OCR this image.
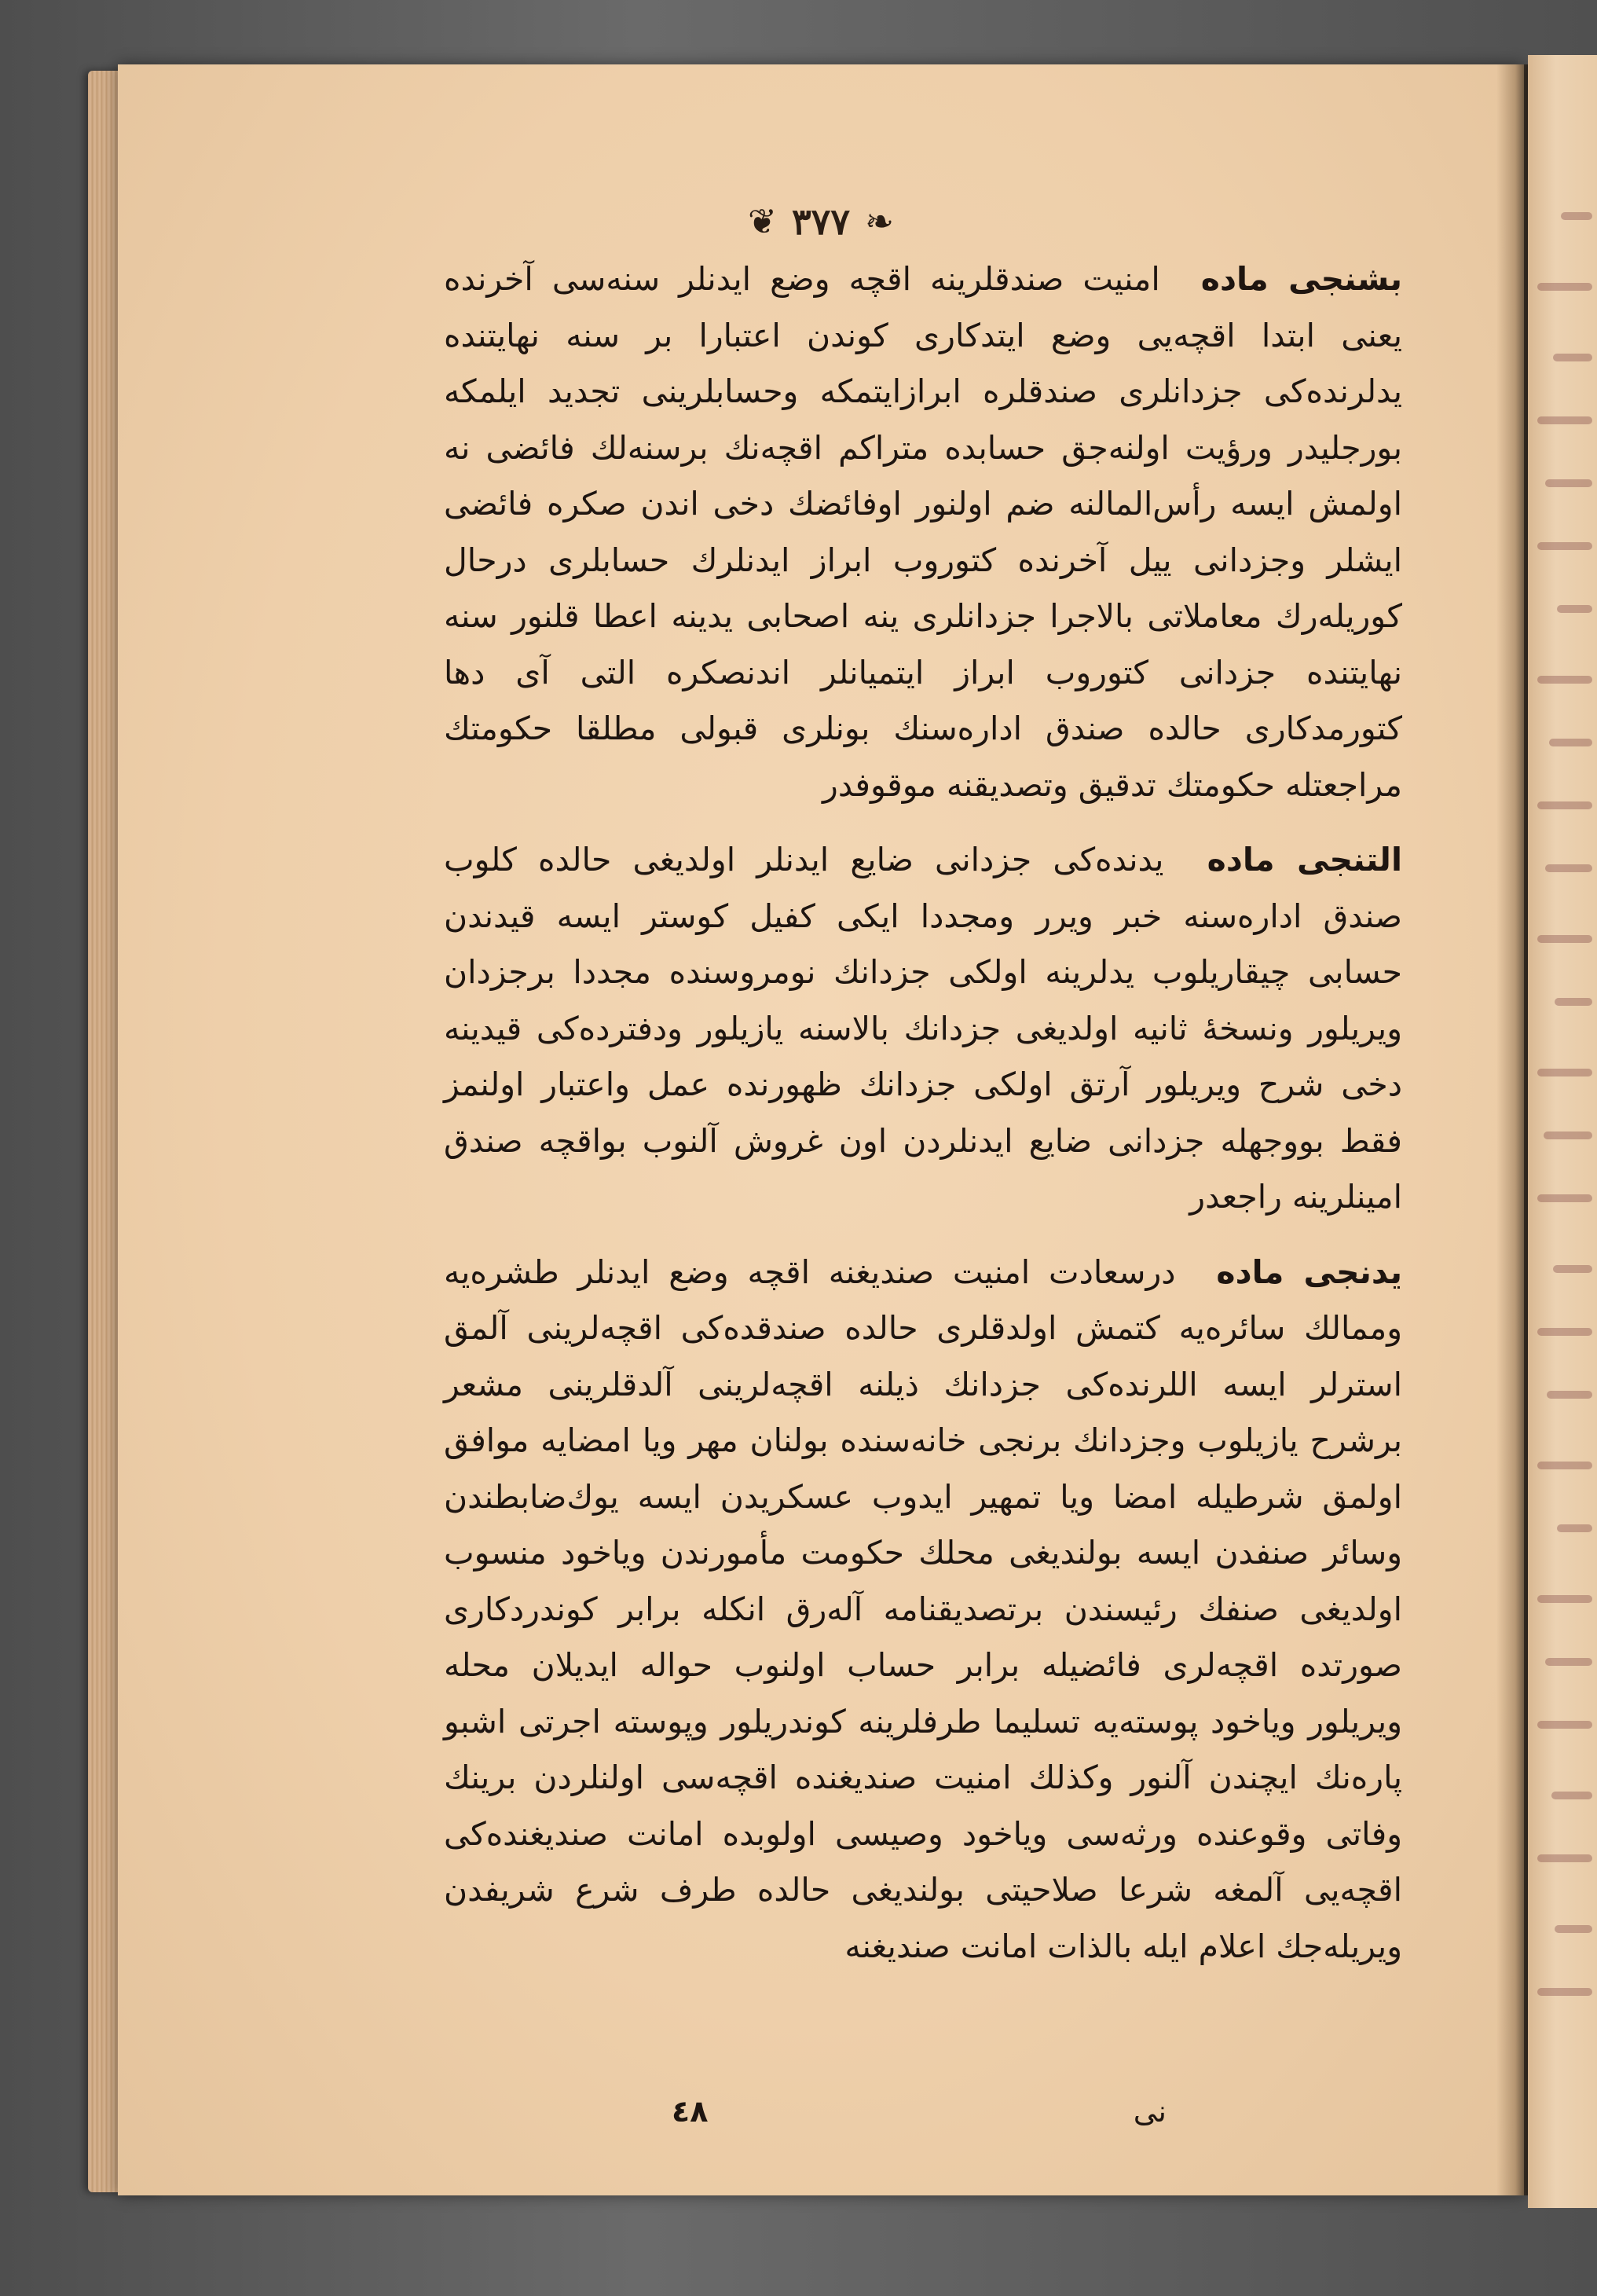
❦ ٣٧٧ ❧

بشنجی ماده امنیت صندقلرینه اقچه وضع ایدنلر سنه‌سی آخرنده یعنی ابتدا اقچه‌یی وضع ایتدکاری کوندن اعتبارا بر سنه نهایتنده یدلرنده‌کی جزدانلری صندقلره ابرازایتمکه وحسابلرینی تجدید ایلمکه بورجلیدر ورؤیت اولنه‌جق حسابده متراکم اقچه‌نك برسنه‌لك فائضی نه اولمش ایسه رأس‌المالنه ضم اولنور اوفائضك دخی اندن صکره فائضی ایشلر وجزدانی ییل آخرنده کتوروب ابراز ایدنلرك حسابلری درحال کوریله‌رك معاملاتی بالاجرا جزدانلری ینه اصحابی یدینه اعطا قلنور سنه نهایتنده جزدانی کتوروب ابراز ایتمیانلر اندنصکره التی آی دها کتورمدکاری حالده صندق اداره‌سنك بونلری قبولی مطلقا حکومتك مراجعتله حکومتك تدقیق وتصدیقنه موقوفدر

التنجی ماده یدنده‌کی جزدانی ضایع ایدنلر اولدیغی حالده کلوب صندق اداره‌سنه خبر ویرر ومجددا ایکی کفیل کوستر ایسه قیدندن حسابی چیقاریلوب یدلرینه اولکی جزدانك نومروسنده مجددا برجزدان ویریلور ونسخهٔ ثانیه اولدیغی جزدانك بالاسنه یازیلور ودفترده‌کی قیدینه دخی شرح ویریلور آرتق اولکی جزدانك ظهورنده عمل واعتبار اولنمز فقط بووجهله جزدانی ضایع ایدنلردن اون غروش آلنوب بواقچه صندق امینلرینه راجعدر

یدنجی ماده درسعادت امنیت صندیغنه اقچه وضع ایدنلر طشره‌یه وممالك سائره‌یه کتمش اولدقلری حالده صندقده‌کی اقچه‌لرینی آلمق استرلر ایسه اللرنده‌کی جزدانك ذیلنه اقچه‌لرینی آلدقلرینی مشعر برشرح یازیلوب وجزدانك برنجی خانه‌سنده بولنان مهر ویا امضایه موافق اولمق شرطیله امضا ویا تمهیر ایدوب عسکریدن ایسه یوك‌ضابطندن وسائر صنفدن ایسه بولندیغی محلك حکومت مأمورندن ویاخود منسوب اولدیغی صنفك رئیسندن برتصدیقنامه آله‌رق انکله برابر کوندردکاری صورتده اقچه‌لری فائضیله برابر حساب اولنوب حواله ایدیلان محله ویریلور ویاخود پوسته‌یه تسلیما طرفلرینه کوندریلور وپوسته اجرتی اشبو پاره‌نك ایچندن آلنور وکذلك امنیت صندیغنده اقچه‌سی اولنلردن برینك وفاتی وقوعنده ورثه‌سی ویاخود وصیسی اولوبده امانت صندیغنده‌کی اقچه‌یی آلمغه شرعا صلاحیتی بولندیغی حالده طرف شرع شریفدن ویریله‌جك اعلام ایله بالذات امانت صندیغنه

نی
٤٨
